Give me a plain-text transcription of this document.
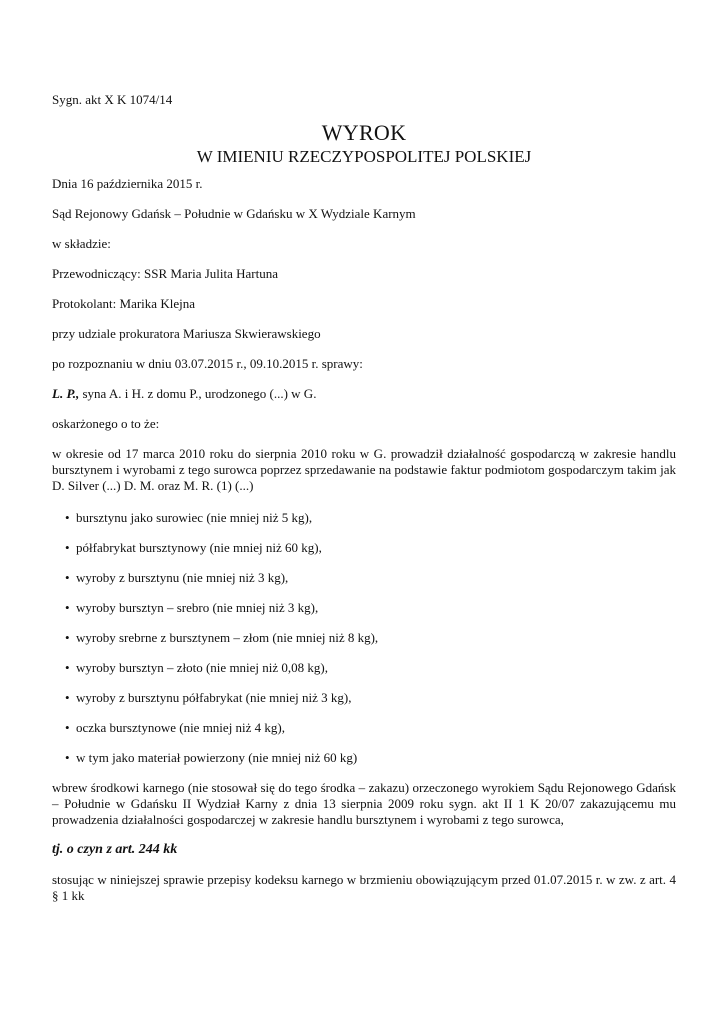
Sygn. akt X K 1074/14

WYROK
W IMIENIU RZECZYPOSPOLITEJ POLSKIEJ

Dnia 16 października 2015 r.

Sąd Rejonowy Gdańsk – Południe w Gdańsku w X Wydziale Karnym

w składzie:

Przewodniczący: SSR Maria Julita Hartuna

Protokolant: Marika Klejna

przy udziale prokuratora Mariusza Skwierawskiego

po rozpoznaniu w dniu 03.07.2015 r., 09.10.2015 r. sprawy:

L. P., syna A. i H. z domu P., urodzonego (...) w G.

oskarżonego o to że:

w okresie od 17 marca 2010 roku do sierpnia 2010 roku w G. prowadził działalność gospodarczą w zakresie handlu bursztynem i wyrobami z tego surowca poprzez sprzedawanie na podstawie faktur podmiotom gospodarczym takim jak D. Silver (...) D. M. oraz M. R. (1) (...)

• bursztynu jako surowiec (nie mniej niż 5 kg),
• półfabrykat bursztynowy (nie mniej niż 60 kg),
• wyroby z bursztynu (nie mniej niż 3 kg),
• wyroby bursztyn – srebro (nie mniej niż 3 kg),
• wyroby srebrne z bursztynem – złom (nie mniej niż 8 kg),
• wyroby bursztyn – złoto (nie mniej niż 0,08 kg),
• wyroby z bursztynu półfabrykat (nie mniej niż 3 kg),
• oczka bursztynowe (nie mniej niż 4 kg),
• w tym jako materiał powierzony (nie mniej niż 60 kg)

wbrew środkowi karnego (nie stosował się do tego środka – zakazu) orzeczonego wyrokiem Sądu Rejonowego Gdańsk – Południe w Gdańsku II Wydział Karny z dnia 13 sierpnia 2009 roku sygn. akt II 1 K 20/07 zakazującemu mu prowadzenia działalności gospodarczej w zakresie handlu bursztynem i wyrobami z tego surowca,

tj. o czyn z art. 244 kk

stosując w niniejszej sprawie przepisy kodeksu karnego w brzmieniu obowiązującym przed 01.07.2015 r. w zw. z art. 4 § 1 kk
